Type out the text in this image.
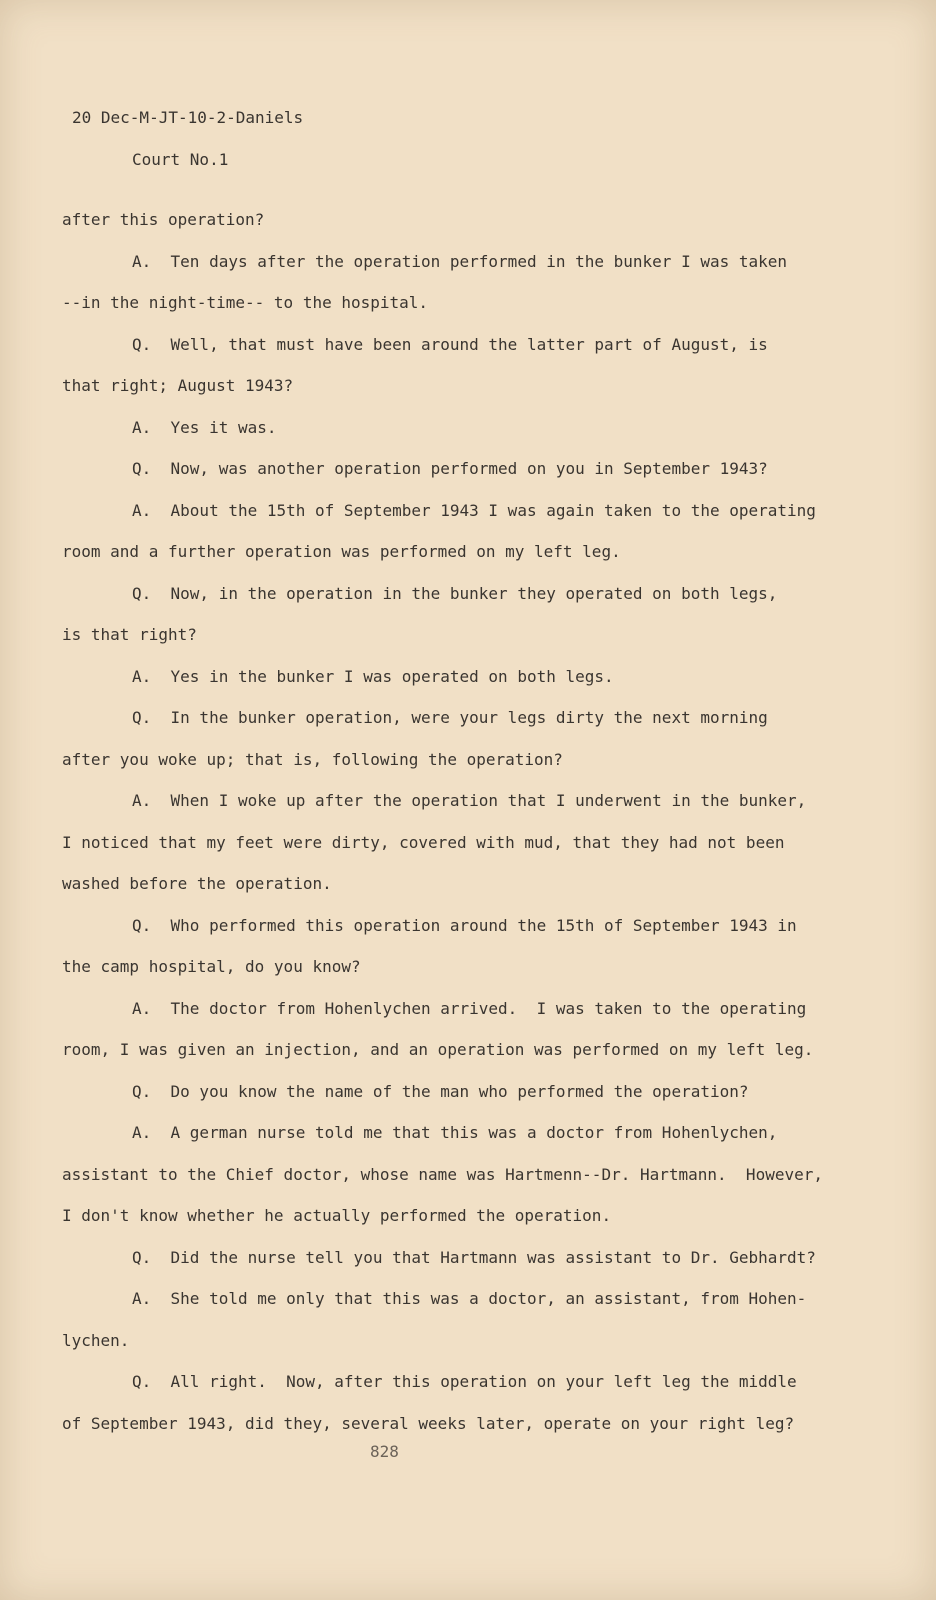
20 Dec-M-JT-10-2-Daniels
Court No.1
after this operation?
A.  Ten days after the operation performed in the bunker I was taken
--in the night-time-- to the hospital.
Q.  Well, that must have been around the latter part of August, is
that right; August 1943?
A.  Yes it was.
Q.  Now, was another operation performed on you in September 1943?
A.  About the 15th of September 1943 I was again taken to the operating
room and a further operation was performed on my left leg.
Q.  Now, in the operation in the bunker they operated on both legs,
is that right?
A.  Yes in the bunker I was operated on both legs.
Q.  In the bunker operation, were your legs dirty the next morning
after you woke up; that is, following the operation?
A.  When I woke up after the operation that I underwent in the bunker,
I noticed that my feet were dirty, covered with mud, that they had not been
washed before the operation.
Q.  Who performed this operation around the 15th of September 1943 in
the camp hospital, do you know?
A.  The doctor from Hohenlychen arrived.  I was taken to the operating
room, I was given an injection, and an operation was performed on my left leg.
Q.  Do you know the name of the man who performed the operation?
A.  A german nurse told me that this was a doctor from Hohenlychen,
assistant to the Chief doctor, whose name was Hartmenn--Dr. Hartmann.  However,
I don't know whether he actually performed the operation.
Q.  Did the nurse tell you that Hartmann was assistant to Dr. Gebhardt?
A.  She told me only that this was a doctor, an assistant, from Hohen-
lychen.
Q.  All right.  Now, after this operation on your left leg the middle
of September 1943, did they, several weeks later, operate on your right leg?
828
